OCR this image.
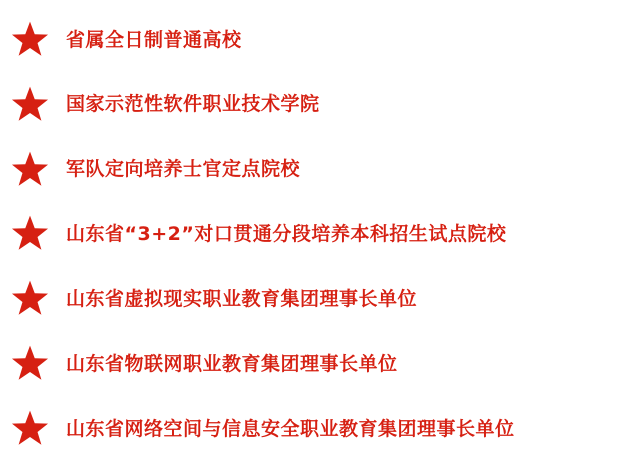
省属全日制普通高校
国家示范性软件职业技术学院
军队定向培养士官定点院校
山东省“3+2”对口贯通分段培养本科招生试点院校
山东省虚拟现实职业教育集团理事长单位
山东省物联网职业教育集团理事长单位
山东省网络空间与信息安全职业教育集团理事长单位
